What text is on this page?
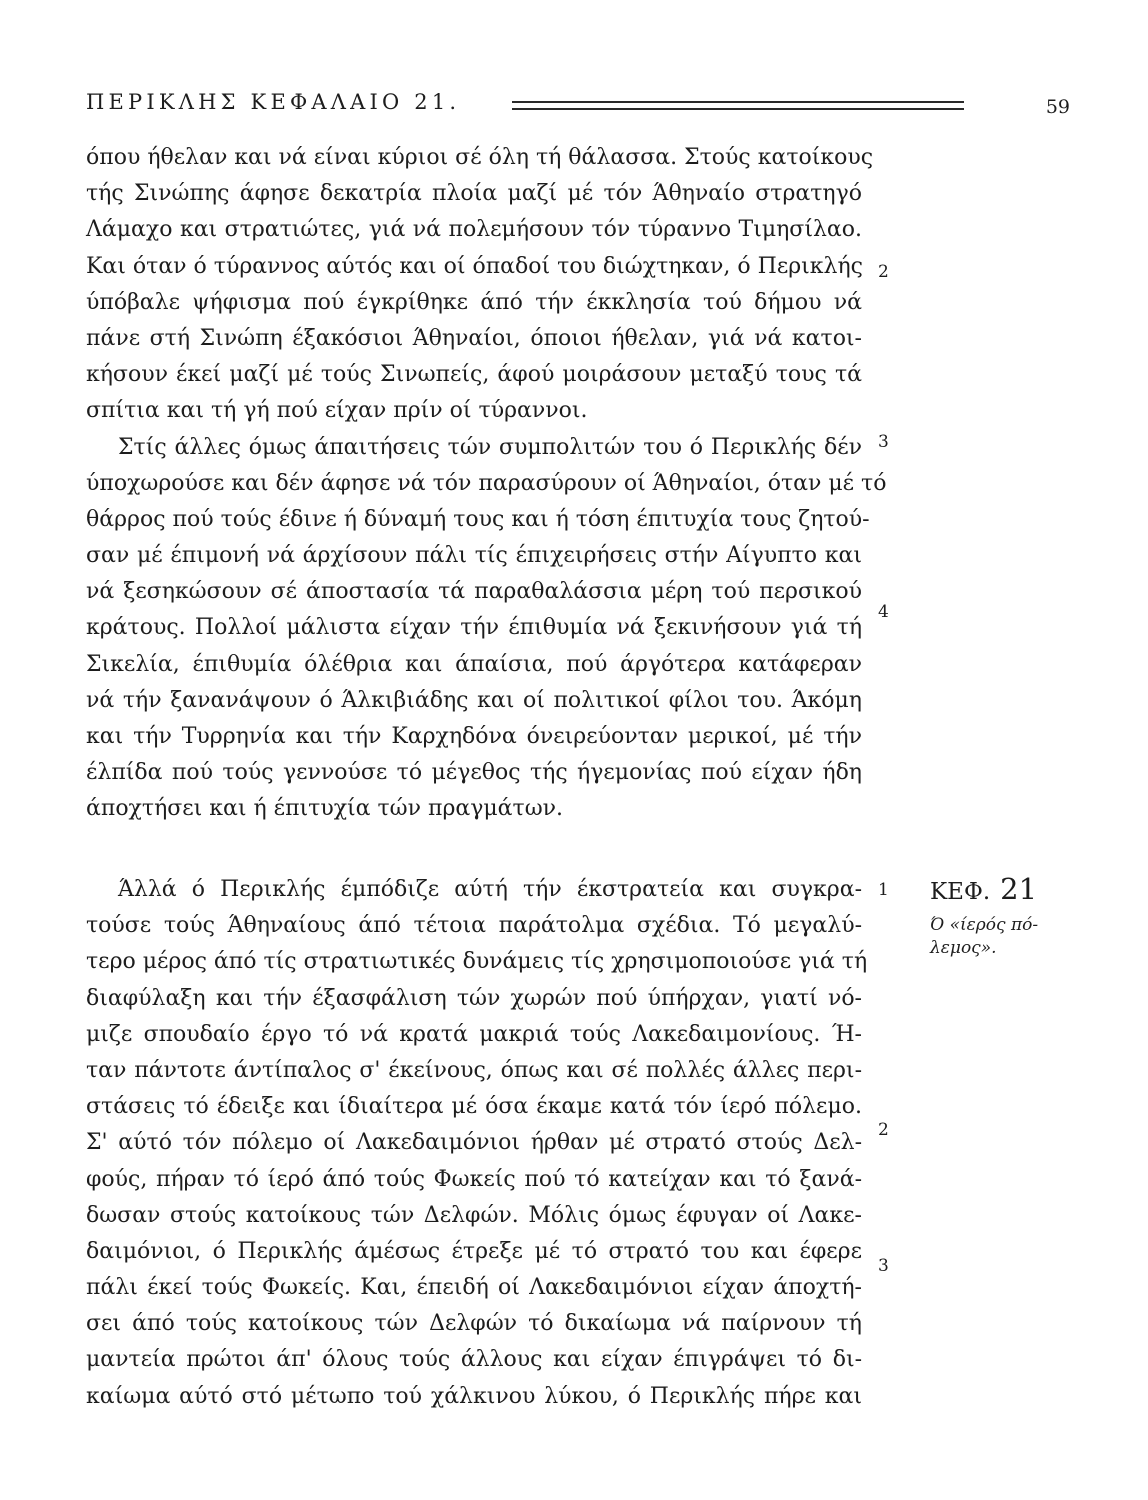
ΠΕΡΙΚΛΗΣ ΚΕΦΑΛΑΙΟ 21.	59
όπου ήθελαν και νά είναι κύριοι σέ όλη τή θάλασσα. Στούς κατοίκους
τής Σινώπης άφησε δεκατρία πλοία μαζί μέ τόν Άθηναίο στρατηγό
Λάμαχο και στρατιώτες, γιά νά πολεμήσουν τόν τύραννο Τιμησίλαο.
Και όταν ό τύραννος αύτός και οί όπαδοί του διώχτηκαν, ό Περικλής
ύπόβαλε ψήφισμα πού έγκρίθηκε άπό τήν έκκλησία τού δήμου νά
πάνε στή Σινώπη έξακόσιοι Άθηναίοι, όποιοι ήθελαν, γιά νά κατοι-
κήσουν έκεί μαζί μέ τούς Σινωπείς, άφού μοιράσουν μεταξύ τους τά
σπίτια και τή γή πού είχαν πρίν οί τύραννοι.
Στίς άλλες όμως άπαιτήσεις τών συμπολιτών του ό Περικλής δέν
ύποχωρούσε και δέν άφησε νά τόν παρασύρουν οί Άθηναίοι, όταν μέ τό
θάρρος πού τούς έδινε ή δύναμή τους και ή τόση έπιτυχία τους ζητού-
σαν μέ έπιμονή νά άρχίσουν πάλι τίς έπιχειρήσεις στήν Αίγυπτο και
νά ξεσηκώσουν σέ άποστασία τά παραθαλάσσια μέρη τού περσικού
κράτους. Πολλοί μάλιστα είχαν τήν έπιθυμία νά ξεκινήσουν γιά τή
Σικελία, έπιθυμία όλέθρια και άπαίσια, πού άργότερα κατάφεραν
νά τήν ξανανάψουν ό Άλκιβιάδης και οί πολιτικοί φίλοι του. Άκόμη
και τήν Τυρρηνία και τήν Καρχηδόνα όνειρεύονταν μερικοί, μέ τήν
έλπίδα πού τούς γεννούσε τό μέγεθος τής ήγεμονίας πού είχαν ήδη
άποχτήσει και ή έπιτυχία τών πραγμάτων.
Άλλά ό Περικλής έμπόδιζε αύτή τήν έκστρατεία και συγκρα-
τούσε τούς Άθηναίους άπό τέτοια παράτολμα σχέδια. Τό μεγαλύ-
τερο μέρος άπό τίς στρατιωτικές δυνάμεις τίς χρησιμοποιούσε γιά τή
διαφύλαξη και τήν έξασφάλιση τών χωρών πού ύπήρχαν, γιατί νό-
μιζε σπουδαίο έργο τό νά κρατά μακριά τούς Λακεδαιμονίους. Ή-
ταν πάντοτε άντίπαλος σ' έκείνους, όπως και σέ πολλές άλλες περι-
στάσεις τό έδειξε και ίδιαίτερα μέ όσα έκαμε κατά τόν ίερό πόλεμο.
Σ' αύτό τόν πόλεμο οί Λακεδαιμόνιοι ήρθαν μέ στρατό στούς Δελ-
φούς, πήραν τό ίερό άπό τούς Φωκείς πού τό κατείχαν και τό ξανά-
δωσαν στούς κατοίκους τών Δελφών. Μόλις όμως έφυγαν οί Λακε-
δαιμόνιοι, ό Περικλής άμέσως έτρεξε μέ τό στρατό του και έφερε
πάλι έκεί τούς Φωκείς. Και, έπειδή οί Λακεδαιμόνιοι είχαν άποχτή-
σει άπό τούς κατοίκους τών Δελφών τό δικαίωμα νά παίρνουν τή
μαντεία πρώτοι άπ' όλους τούς άλλους και είχαν έπιγράψει τό δι-
καίωμα αύτό στό μέτωπο τού χάλκινου λύκου, ό Περικλής πήρε και
2
3
4
1
2
3
ΚΕΦ. 21
Ό «ίερός πό-λεμος».
